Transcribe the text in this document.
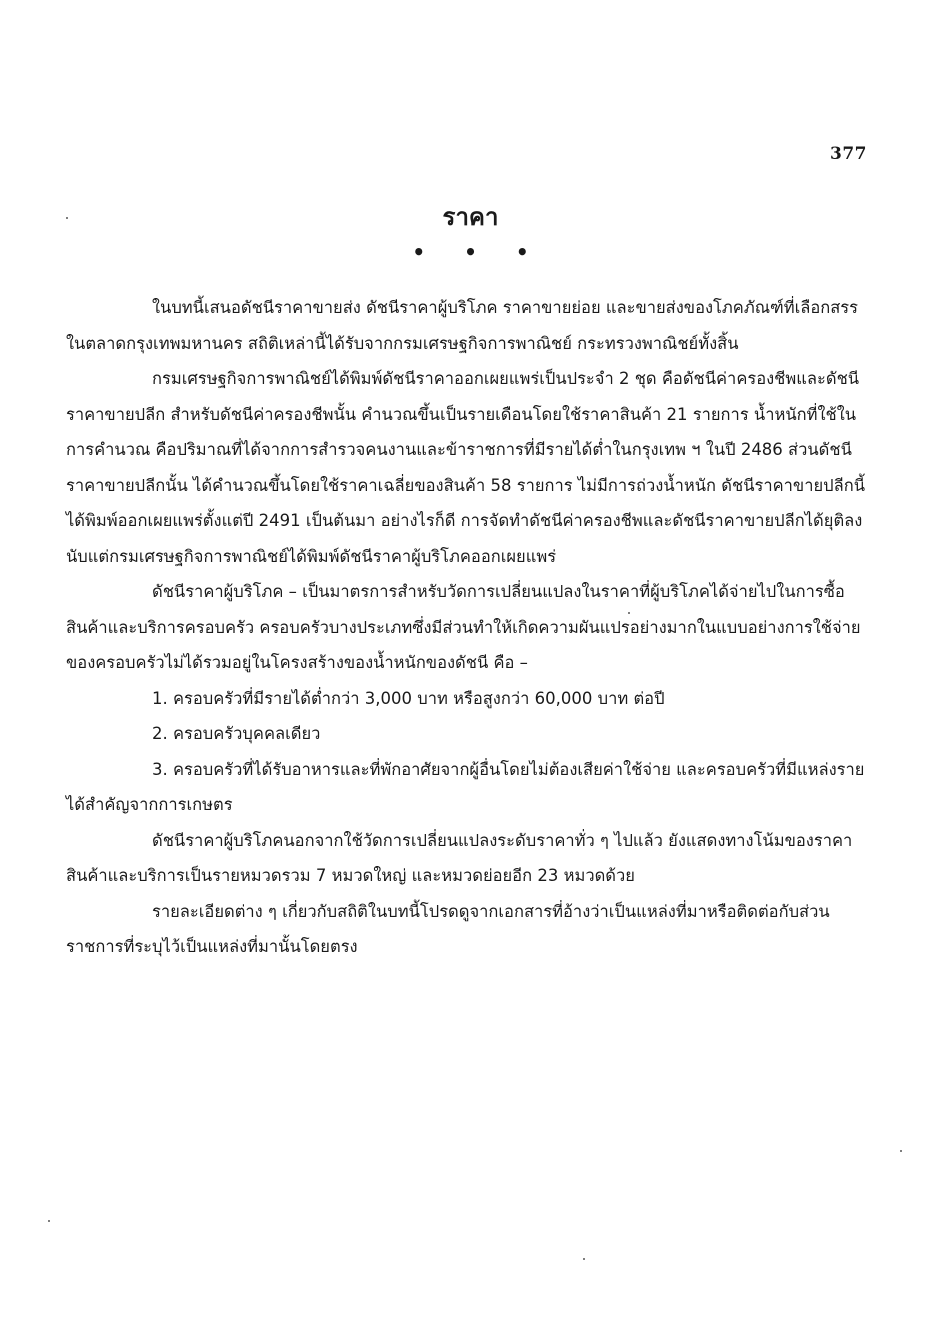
377
ราคา
• • •

ในบทนี้เสนอดัชนีราคาขายส่ง ดัชนีราคาผู้บริโภค ราคาขายย่อย และขายส่งของโภคภัณฑ์ที่เลือกสรรในตลาดกรุงเทพมหานคร สถิติเหล่านี้ได้รับจากกรมเศรษฐกิจการพาณิชย์ กระทรวงพาณิชย์ทั้งสิ้น

กรมเศรษฐกิจการพาณิชย์ได้พิมพ์ดัชนีราคาออกเผยแพร่เป็นประจำ 2 ชุด คือดัชนีค่าครองชีพและดัชนีราคาขายปลีก สำหรับดัชนีค่าครองชีพนั้น คำนวณขึ้นเป็นรายเดือนโดยใช้ราคาสินค้า 21 รายการ น้ำหนักที่ใช้ในการคำนวณ คือปริมาณที่ได้จากการสำรวจคนงานและข้าราชการที่มีรายได้ต่ำในกรุงเทพ ฯ ในปี 2486 ส่วนดัชนีราคาขายปลีกนั้น ได้คำนวณขึ้นโดยใช้ราคาเฉลี่ยของสินค้า 58 รายการ ไม่มีการถ่วงน้ำหนัก ดัชนีราคาขายปลีกนี้ได้พิมพ์ออกเผยแพร่ตั้งแต่ปี 2491 เป็นต้นมา อย่างไรก็ดี การจัดทำดัชนีค่าครองชีพและดัชนีราคาขายปลีกได้ยุติลง นับแต่กรมเศรษฐกิจการพาณิชย์ได้พิมพ์ดัชนีราคาผู้บริโภคออกเผยแพร่

ดัชนีราคาผู้บริโภค – เป็นมาตรการสำหรับวัดการเปลี่ยนแปลงในราคาที่ผู้บริโภคได้จ่ายไปในการซื้อสินค้าและบริการครอบครัว ครอบครัวบางประเภทซึ่งมีส่วนทำให้เกิดความผันแปรอย่างมากในแบบอย่างการใช้จ่ายของครอบครัวไม่ได้รวมอยู่ในโครงสร้างของน้ำหนักของดัชนี คือ –

1. ครอบครัวที่มีรายได้ต่ำกว่า 3,000 บาท หรือสูงกว่า 60,000 บาท ต่อปี

2. ครอบครัวบุคคลเดียว

3. ครอบครัวที่ได้รับอาหารและที่พักอาศัยจากผู้อื่นโดยไม่ต้องเสียค่าใช้จ่าย และครอบครัวที่มีแหล่งรายได้สำคัญจากการเกษตร

ดัชนีราคาผู้บริโภคนอกจากใช้วัดการเปลี่ยนแปลงระดับราคาทั่ว ๆ ไปแล้ว ยังแสดงทางโน้มของราคาสินค้าและบริการเป็นรายหมวดรวม 7 หมวดใหญ่ และหมวดย่อยอีก 23 หมวดด้วย

รายละเอียดต่าง ๆ เกี่ยวกับสถิติในบทนี้โปรดดูจากเอกสารที่อ้างว่าเป็นแหล่งที่มาหรือติดต่อกับส่วนราชการที่ระบุไว้เป็นแหล่งที่มานั้นโดยตรง
